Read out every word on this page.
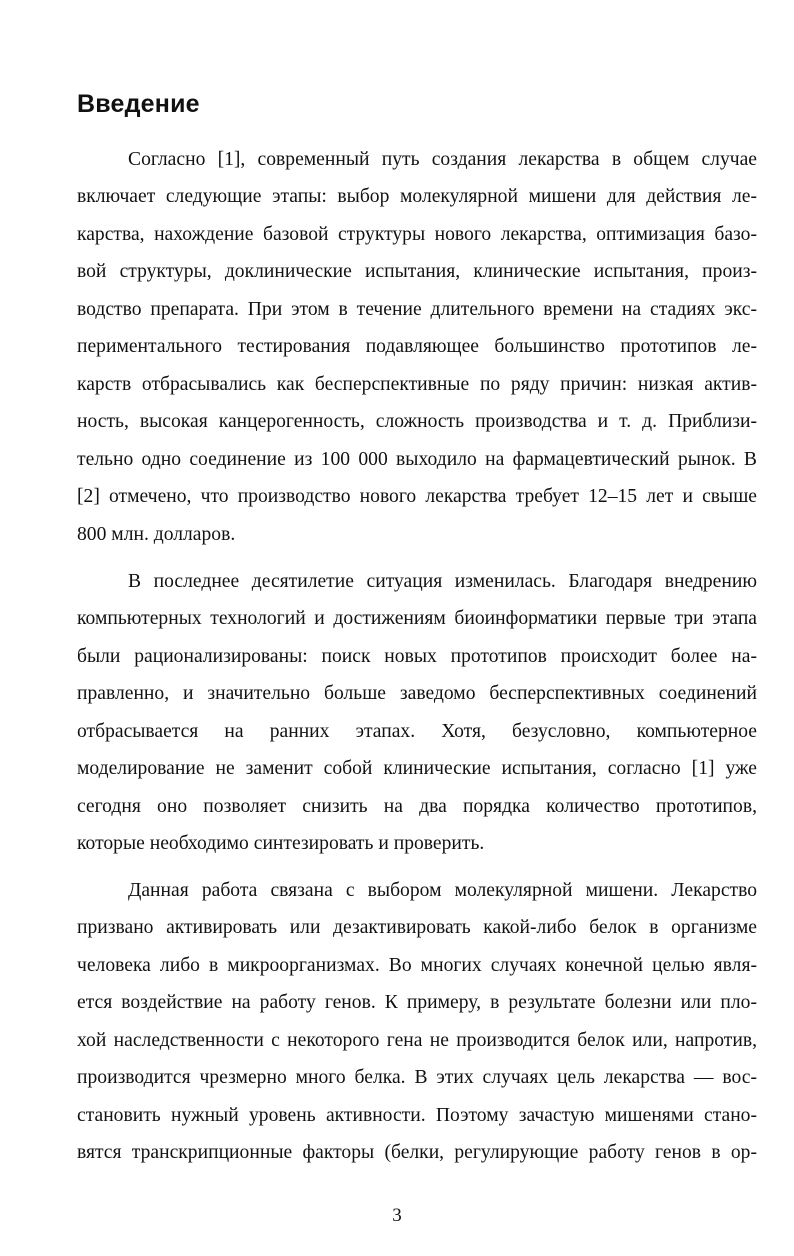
Введение
Согласно [1], современный путь создания лекарства в общем случае
включает следующие этапы: выбор молекулярной мишени для действия ле-
карства, нахождение базовой структуры нового лекарства, оптимизация базо-
вой структуры, доклинические испытания, клинические испытания, произ-
водство препарата. При этом в течение длительного времени на стадиях экс-
периментального тестирования подавляющее большинство прототипов ле-
карств отбрасывались как бесперспективные по ряду причин: низкая актив-
ность, высокая канцерогенность, сложность производства и т. д. Приблизи-
тельно одно соединение из 100 000 выходило на фармацевтический рынок. В
[2] отмечено, что производство нового лекарства требует 12–15 лет и свыше
800 млн. долларов.
В последнее десятилетие ситуация изменилась. Благодаря внедрению
компьютерных технологий и достижениям биоинформатики первые три этапа
были рационализированы: поиск новых прототипов происходит более на-
правленно, и значительно больше заведомо бесперспективных соединений
отбрасывается на ранних этапах. Хотя, безусловно, компьютерное
моделирование не заменит собой клинические испытания, согласно [1] уже
сегодня оно позволяет снизить на два порядка количество прототипов,
которые необходимо синтезировать и проверить.
Данная работа связана с выбором молекулярной мишени. Лекарство
призвано активировать или дезактивировать какой-либо белок в организме
человека либо в микроорганизмах. Во многих случаях конечной целью явля-
ется воздействие на работу генов. К примеру, в результате болезни или пло-
хой наследственности с некоторого гена не производится белок или, напротив,
производится чрезмерно много белка. В этих случаях цель лекарства — вос-
становить нужный уровень активности. Поэтому зачастую мишенями стано-
вятся транскрипционные факторы (белки, регулирующие работу генов в ор-
3
